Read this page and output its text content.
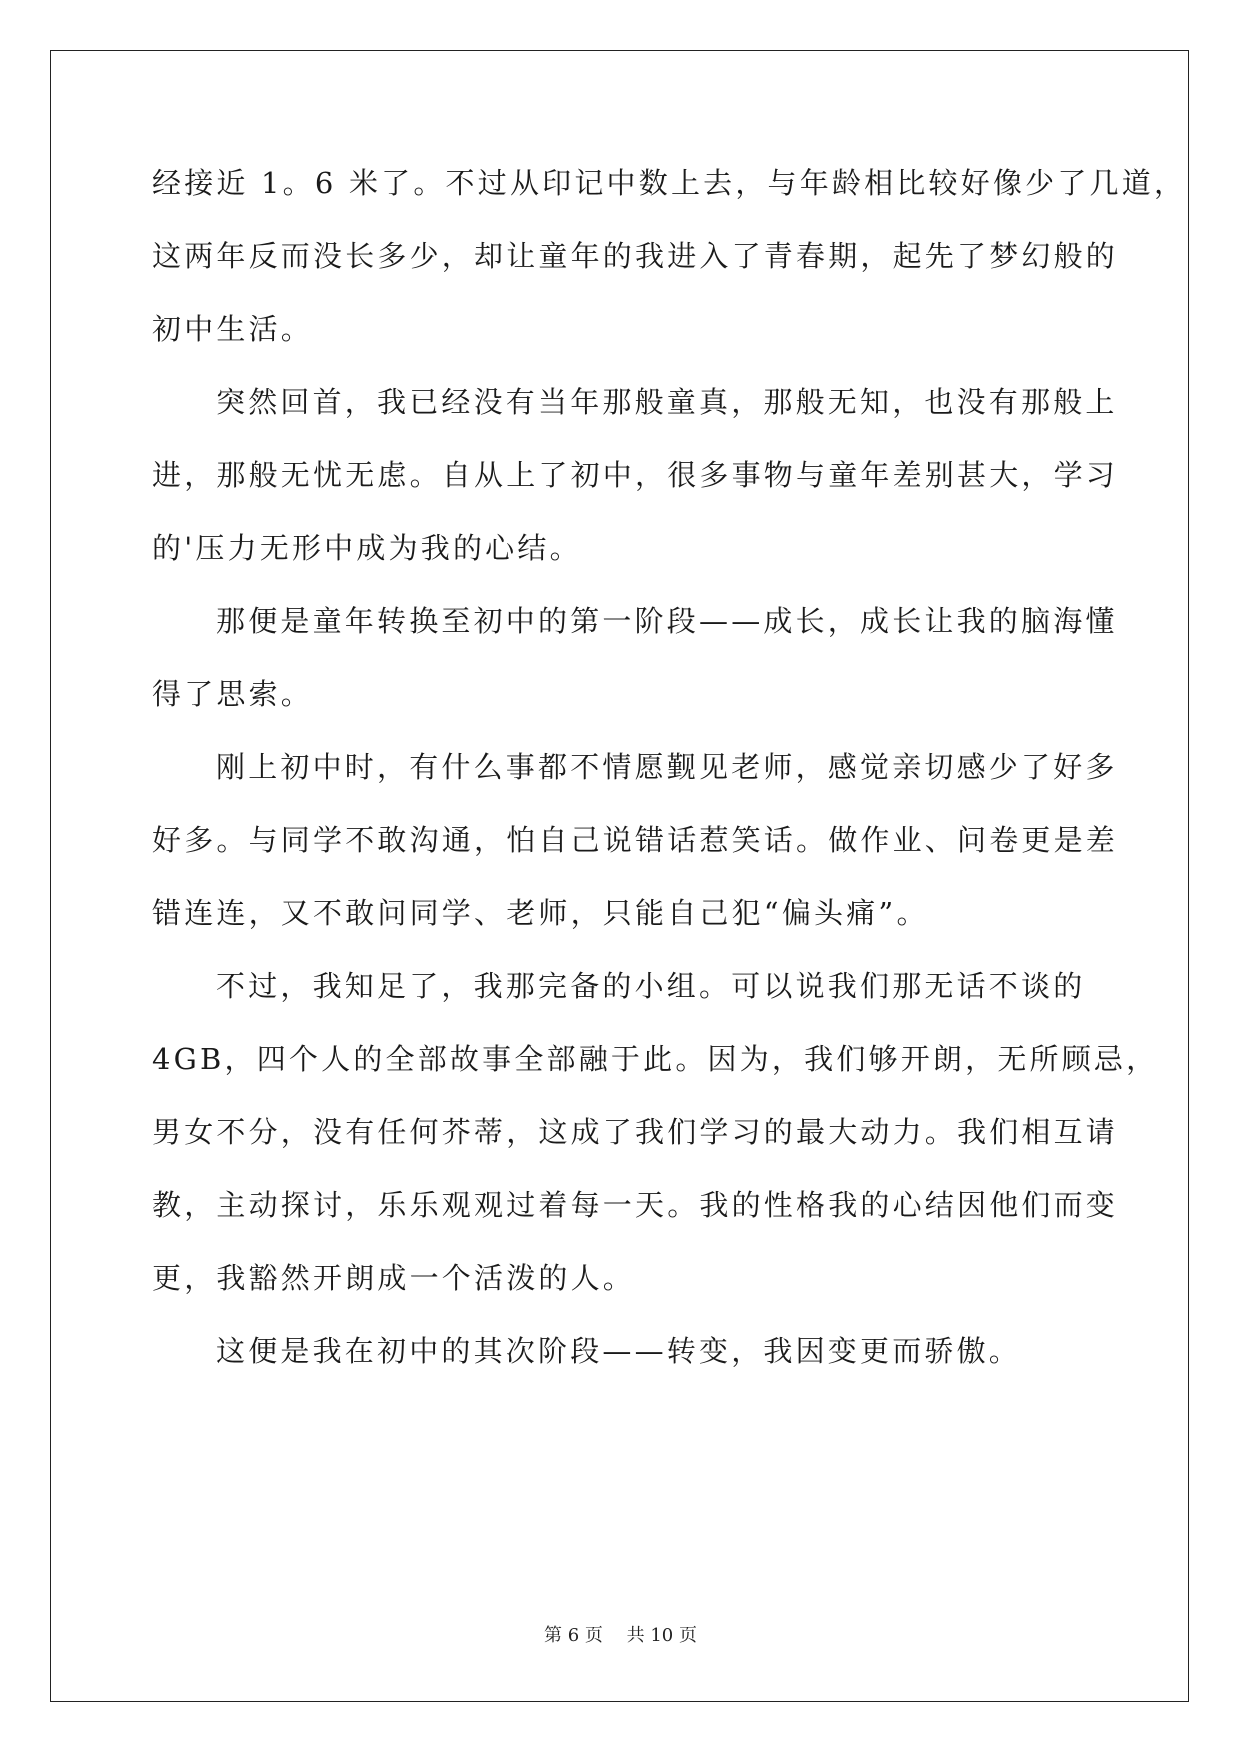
经接近 1。6 米了。不过从印记中数上去，与年龄相比较好像少了几道，
这两年反而没长多少，却让童年的我进入了青春期，起先了梦幻般的
初中生活。
突然回首，我已经没有当年那般童真，那般无知，也没有那般上
进，那般无忧无虑。自从上了初中，很多事物与童年差别甚大，学习
的'压力无形中成为我的心结。
那便是童年转换至初中的第一阶段——成长，成长让我的脑海懂
得了思索。
刚上初中时，有什么事都不情愿觐见老师，感觉亲切感少了好多
好多。与同学不敢沟通，怕自己说错话惹笑话。做作业、问卷更是差
错连连，又不敢问同学、老师，只能自己犯“偏头痛”。
不过，我知足了，我那完备的小组。可以说我们那无话不谈的
4GB，四个人的全部故事全部融于此。因为，我们够开朗，无所顾忌，
男女不分，没有任何芥蒂，这成了我们学习的最大动力。我们相互请
教，主动探讨，乐乐观观过着每一天。我的性格我的心结因他们而变
更，我豁然开朗成一个活泼的人。
这便是我在初中的其次阶段——转变，我因变更而骄傲。
第 6 页　 共 10 页
